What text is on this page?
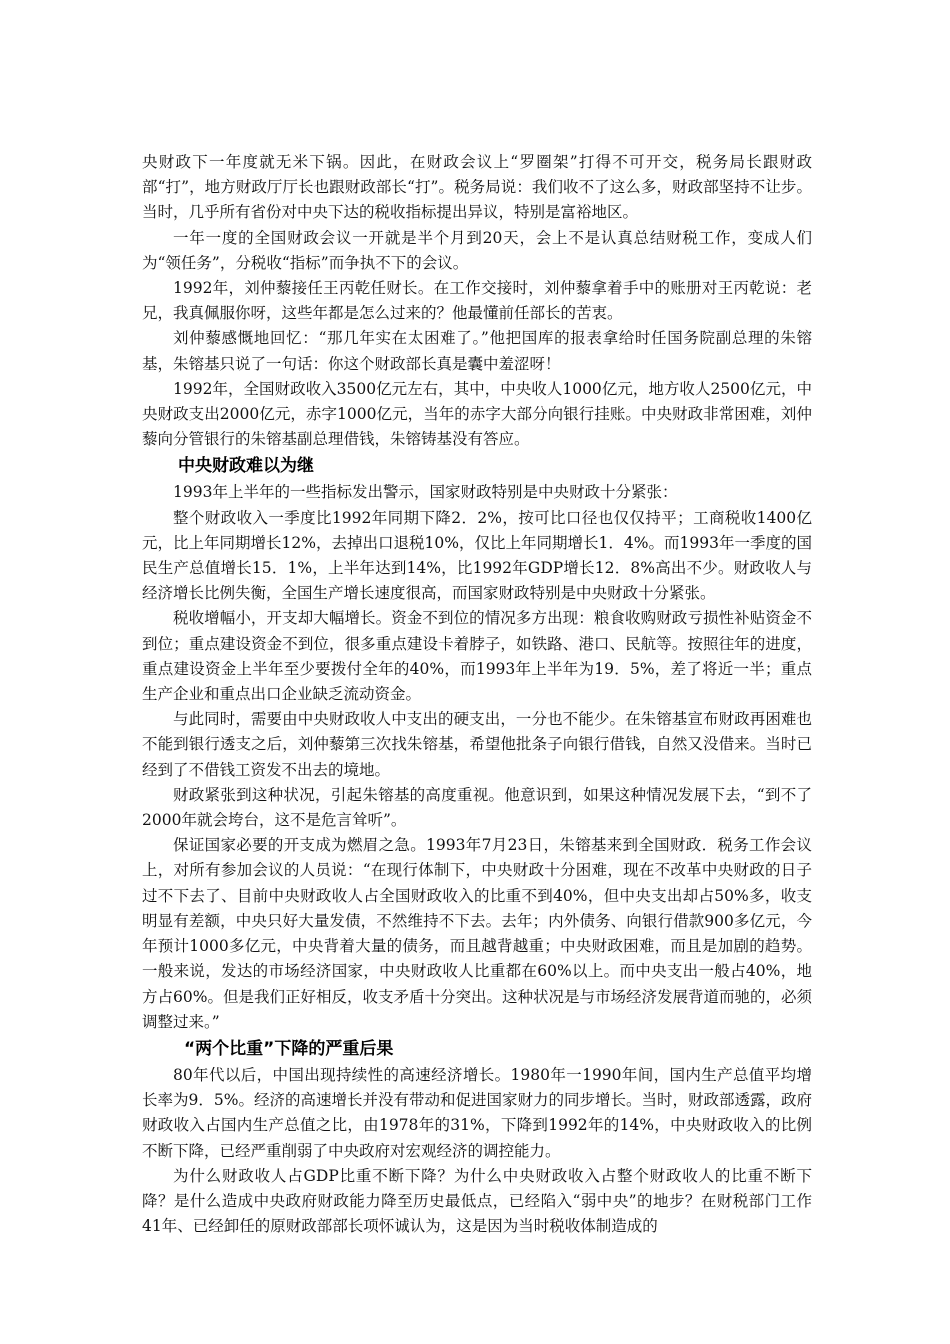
央财政下一年度就无米下锅。因此，在财政会议上“罗圈架”打得不可开交，税务局长跟财政部“打”，地方财政厅厅长也跟财政部长“打”。税务局说：我们收不了这么多，财政部坚持不让步。当时，几乎所有省份对中央下达的税收指标提出异议，特别是富裕地区。

一年一度的全国财政会议一开就是半个月到20天，会上不是认真总结财税工作，变成人们为“领任务”，分税收“指标”而争执不下的会议。

1992年，刘仲藜接任王丙乾任财长。在工作交接时，刘仲藜拿着手中的账册对王丙乾说：老兄，我真佩服你呀，这些年都是怎么过来的？他最懂前任部长的苦衷。

刘仲藜感慨地回忆：“那几年实在太困难了。”他把国库的报表拿给时任国务院副总理的朱镕基，朱镕基只说了一句话：你这个财政部长真是囊中羞涩呀！

1992年，全国财政收入3500亿元左右，其中，中央收人1000亿元，地方收人2500亿元，中央财政支出2000亿元，赤字1000亿元，当年的赤字大部分向银行挂账。中央财政非常困难，刘仲藜向分管银行的朱镕基副总理借钱，朱镕铸基没有答应。

中央财政难以为继

1993年上半年的一些指标发出警示，国家财政特别是中央财政十分紧张：

整个财政收入一季度比1992年同期下降2．2%，按可比口径也仅仅持平；工商税收1400亿元，比上年同期增长12%，去掉出口退税10%，仅比上年同期增长1．4%。而1993年一季度的国民生产总值增长15．1%，上半年达到14%，比1992年GDP增长12．8%高出不少。财政收人与经济增长比例失衡，全国生产增长速度很高，而国家财政特别是中央财政十分紧张。

税收增幅小，开支却大幅增长。资金不到位的情况多方出现：粮食收购财政亏损性补贴资金不到位；重点建设资金不到位，很多重点建设卡着脖子，如铁路、港口、民航等。按照往年的进度，重点建设资金上半年至少要拨付全年的40%，而1993年上半年为19．5%，差了将近一半；重点生产企业和重点出口企业缺乏流动资金。

与此同时，需要由中央财政收人中支出的硬支出，一分也不能少。在朱镕基宣布财政再困难也不能到银行透支之后，刘仲藜第三次找朱镕基，希望他批条子向银行借钱，自然又没借来。当时已经到了不借钱工资发不出去的境地。

财政紧张到这种状况，引起朱镕基的高度重视。他意识到，如果这种情况发展下去，“到不了2000年就会垮台，这不是危言耸听”。

保证国家必要的开支成为燃眉之急。1993年7月23日，朱镕基来到全国财政．税务工作会议上，对所有参加会议的人员说：“在现行体制下，中央财政十分困难，现在不改革中央财政的日子过不下去了、目前中央财政收人占全国财政收入的比重不到40%，但中央支出却占50%多，收支明显有差额，中央只好大量发债，不然维持不下去。去年；内外债务、向银行借款900多亿元，今年预计1000多亿元，中央背着大量的债务，而且越背越重；中央财政困难，而且是加剧的趋势。一般来说，发达的市场经济国家，中央财政收人比重都在60%以上。而中央支出一般占40%，地方占60%。但是我们正好相反，收支矛盾十分突出。这种状况是与市场经济发展背道而驰的，必须调整过来。”

“两个比重”下降的严重后果

80年代以后，中国出现持续性的高速经济增长。1980年一1990年间，国内生产总值平均增长率为9．5%。经济的高速增长并没有带动和促进国家财力的同步增长。当时，财政部透露，政府财政收入占国内生产总值之比，由1978年的31%，下降到1992年的14%，中央财政收入的比例不断下降，已经严重削弱了中央政府对宏观经济的调控能力。

为什么财政收人占GDP比重不断下降？为什么中央财政收入占整个财政收人的比重不断下降？是什么造成中央政府财政能力降至历史最低点，已经陷入“弱中央”的地步？在财税部门工作41年、已经卸任的原财政部部长项怀诚认为，这是因为当时税收体制造成的
